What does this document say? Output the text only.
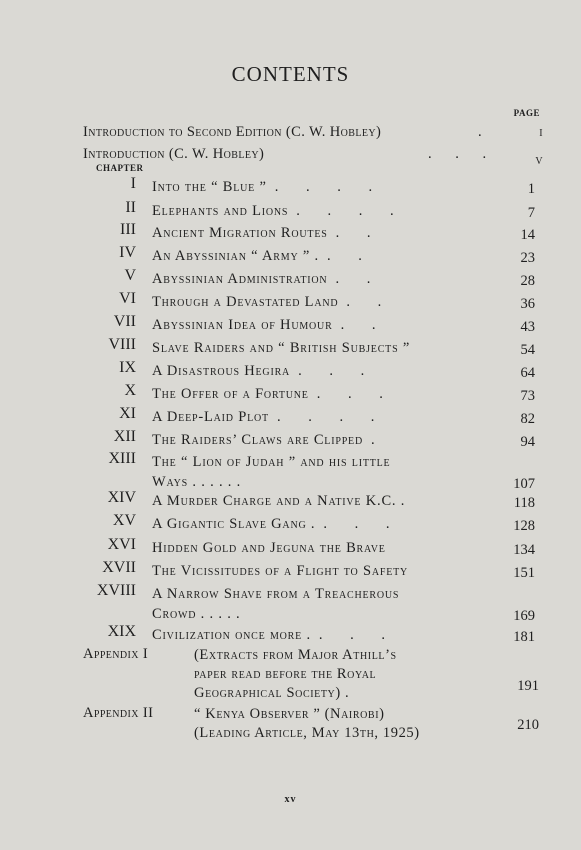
CONTENTS
PAGE
Introduction to Second Edition (C. W. Hobley)	.	i
Introduction (C. W. Hobley)	. . .	v
CHAPTER
I Into the “ Blue ” . . . .	1
II Elephants and Lions . . . .	7
III Ancient Migration Routes . .	14
IV An Abyssinian “ Army ” . . .	23
V Abyssinian Administration . .	28
VI Through a Devastated Land . .	36
VII Abyssinian Idea of Humour . .	43
VIII Slave Raiders and “ British Subjects ”	54
IX A Disastrous Hegira . . .	64
X The Offer of a Fortune . . .	73
XI A Deep-Laid Plot . . . .	82
XII The Raiders’ Claws are Clipped .	94
XIII The “ Lion of Judah ” and his little
Ways . . . . . .	107
XIV A Murder Charge and a Native K.C. .	118
XV A Gigantic Slave Gang . . . .	128
XVI Hidden Gold and Jeguna the Brave	134
XVII The Vicissitudes of a Flight to Safety	151
XVIII A Narrow Shave from a Treacherous
Crowd . . . . .	169
XIX Civilization once more . . . .	181
Appendix I	(Extracts from Major Athill’s
paper read before the Royal
Geographical Society) .	191
Appendix II	“ Kenya Observer ” (Nairobi)
(Leading Article, May 13th, 1925)	210
xv
